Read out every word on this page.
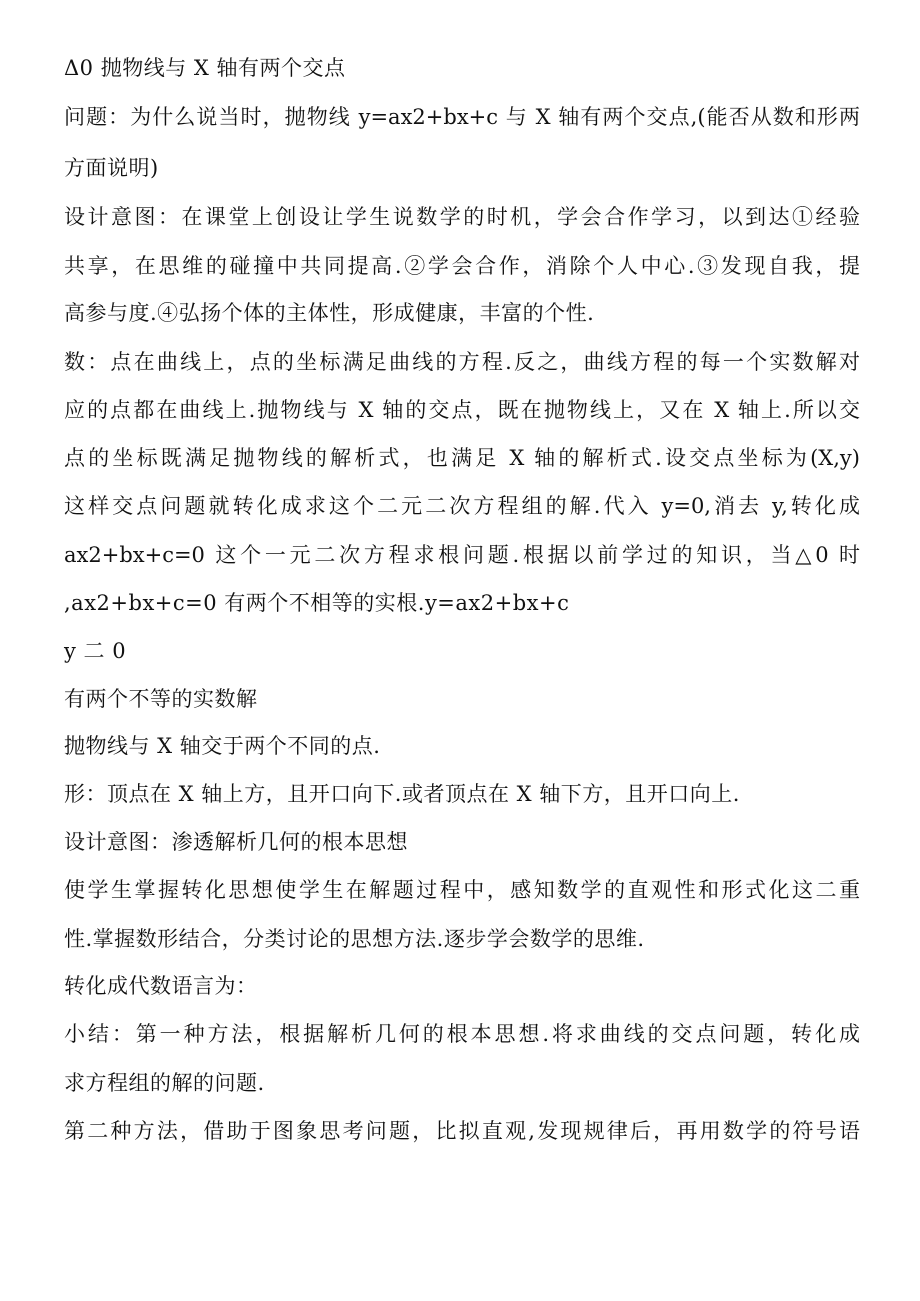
Δ0 抛物线与 X 轴有两个交点
问题：为什么说当时，抛物线 y=ax2+bx+c 与 X 轴有两个交点,(能否从数和形两
方面说明)
设计意图：在课堂上创设让学生说数学的时机，学会合作学习，以到达①经验
共享，在思维的碰撞中共同提高.②学会合作，消除个人中心.③发现自我，提
高参与度.④弘扬个体的主体性，形成健康，丰富的个性.
数：点在曲线上，点的坐标满足曲线的方程.反之，曲线方程的每一个实数解对
应的点都在曲线上.抛物线与 X 轴的交点，既在抛物线上，又在 X 轴上.所以交
点的坐标既满足抛物线的解析式，也满足 X 轴的解析式.设交点坐标为(X,y)
这样交点问题就转化成求这个二元二次方程组的解.代入 y=0,消去 y,转化成
ax2+bx+c=0 这个一元二次方程求根问题.根据以前学过的知识，当△0 时
,ax2+bx+c=0 有两个不相等的实根.y=ax2+bx+c
y 二 0
有两个不等的实数解
抛物线与 X 轴交于两个不同的点.
形：顶点在 X 轴上方，且开口向下.或者顶点在 X 轴下方，且开口向上.
设计意图：渗透解析几何的根本思想
使学生掌握转化思想使学生在解题过程中，感知数学的直观性和形式化这二重
性.掌握数形结合，分类讨论的思想方法.逐步学会数学的思维.
转化成代数语言为：
小结：第一种方法，根据解析几何的根本思想.将求曲线的交点问题，转化成
求方程组的解的问题.
第二种方法，借助于图象思考问题，比拟直观,发现规律后，再用数学的符号语
